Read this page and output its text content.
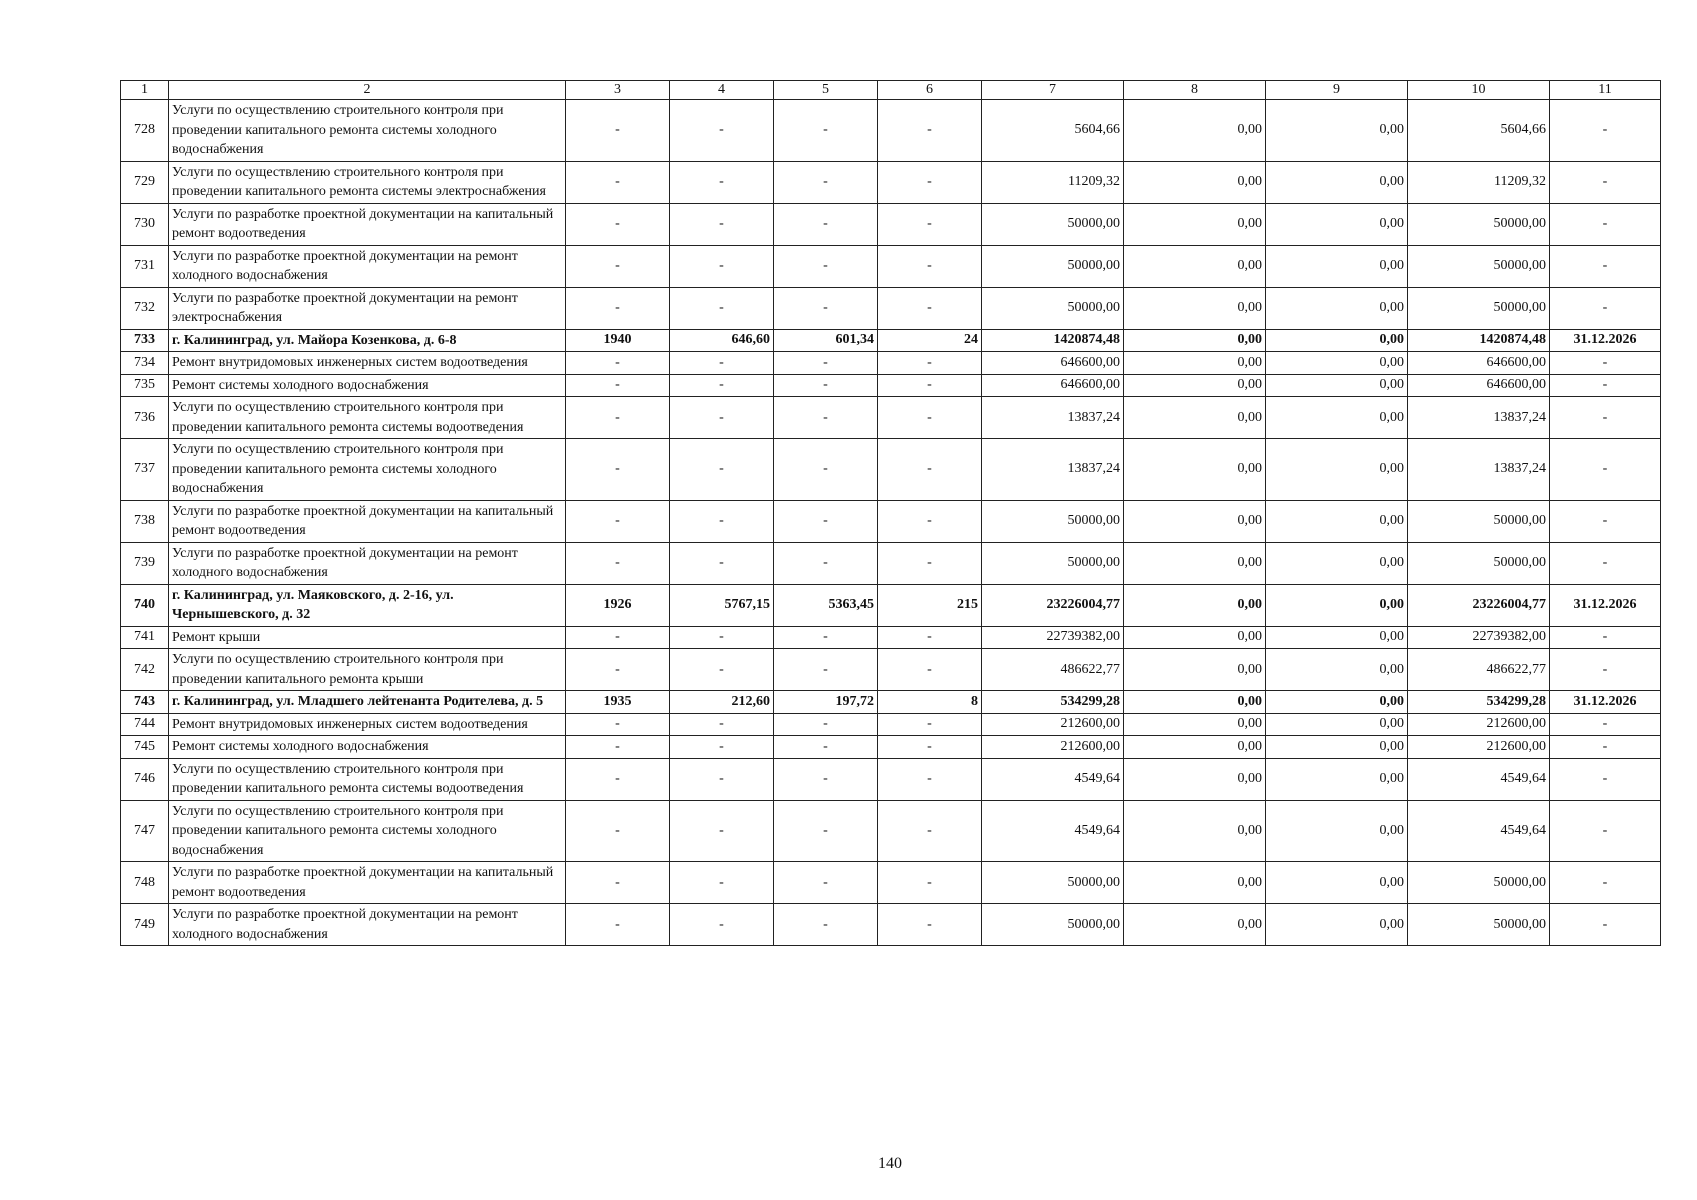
1	2	3	4	5	6	7	8	9	10	11
728	Услуги по осуществлению строительного контроля при проведении капитального ремонта системы холодного водоснабжения	-	-	-	-	5604,66	0,00	0,00	5604,66	-
729	Услуги по осуществлению строительного контроля при проведении капитального ремонта системы электроснабжения	-	-	-	-	11209,32	0,00	0,00	11209,32	-
730	Услуги по разработке проектной документации на капитальный ремонт водоотведения	-	-	-	-	50000,00	0,00	0,00	50000,00	-
731	Услуги по разработке проектной документации на ремонт холодного водоснабжения	-	-	-	-	50000,00	0,00	0,00	50000,00	-
732	Услуги по разработке проектной документации на ремонт электроснабжения	-	-	-	-	50000,00	0,00	0,00	50000,00	-
733	г. Калининград, ул. Майора Козенкова, д. 6-8	1940	646,60	601,34	24	1420874,48	0,00	0,00	1420874,48	31.12.2026
734	Ремонт внутридомовых инженерных систем водоотведения	-	-	-	-	646600,00	0,00	0,00	646600,00	-
735	Ремонт системы холодного водоснабжения	-	-	-	-	646600,00	0,00	0,00	646600,00	-
736	Услуги по осуществлению строительного контроля при проведении капитального ремонта системы водоотведения	-	-	-	-	13837,24	0,00	0,00	13837,24	-
737	Услуги по осуществлению строительного контроля при проведении капитального ремонта системы холодного водоснабжения	-	-	-	-	13837,24	0,00	0,00	13837,24	-
738	Услуги по разработке проектной документации на капитальный ремонт водоотведения	-	-	-	-	50000,00	0,00	0,00	50000,00	-
739	Услуги по разработке проектной документации на ремонт холодного водоснабжения	-	-	-	-	50000,00	0,00	0,00	50000,00	-
740	г. Калининград, ул. Маяковского, д. 2-16, ул. Чернышевского, д. 32	1926	5767,15	5363,45	215	23226004,77	0,00	0,00	23226004,77	31.12.2026
741	Ремонт крыши	-	-	-	-	22739382,00	0,00	0,00	22739382,00	-
742	Услуги по осуществлению строительного контроля при проведении капитального ремонта крыши	-	-	-	-	486622,77	0,00	0,00	486622,77	-
743	г. Калининград, ул. Младшего лейтенанта Родителева, д. 5	1935	212,60	197,72	8	534299,28	0,00	0,00	534299,28	31.12.2026
744	Ремонт внутридомовых инженерных систем водоотведения	-	-	-	-	212600,00	0,00	0,00	212600,00	-
745	Ремонт системы холодного водоснабжения	-	-	-	-	212600,00	0,00	0,00	212600,00	-
746	Услуги по осуществлению строительного контроля при проведении капитального ремонта системы водоотведения	-	-	-	-	4549,64	0,00	0,00	4549,64	-
747	Услуги по осуществлению строительного контроля при проведении капитального ремонта системы холодного водоснабжения	-	-	-	-	4549,64	0,00	0,00	4549,64	-
748	Услуги по разработке проектной документации на капитальный ремонт водоотведения	-	-	-	-	50000,00	0,00	0,00	50000,00	-
749	Услуги по разработке проектной документации на ремонт холодного водоснабжения	-	-	-	-	50000,00	0,00	0,00	50000,00	-
140
